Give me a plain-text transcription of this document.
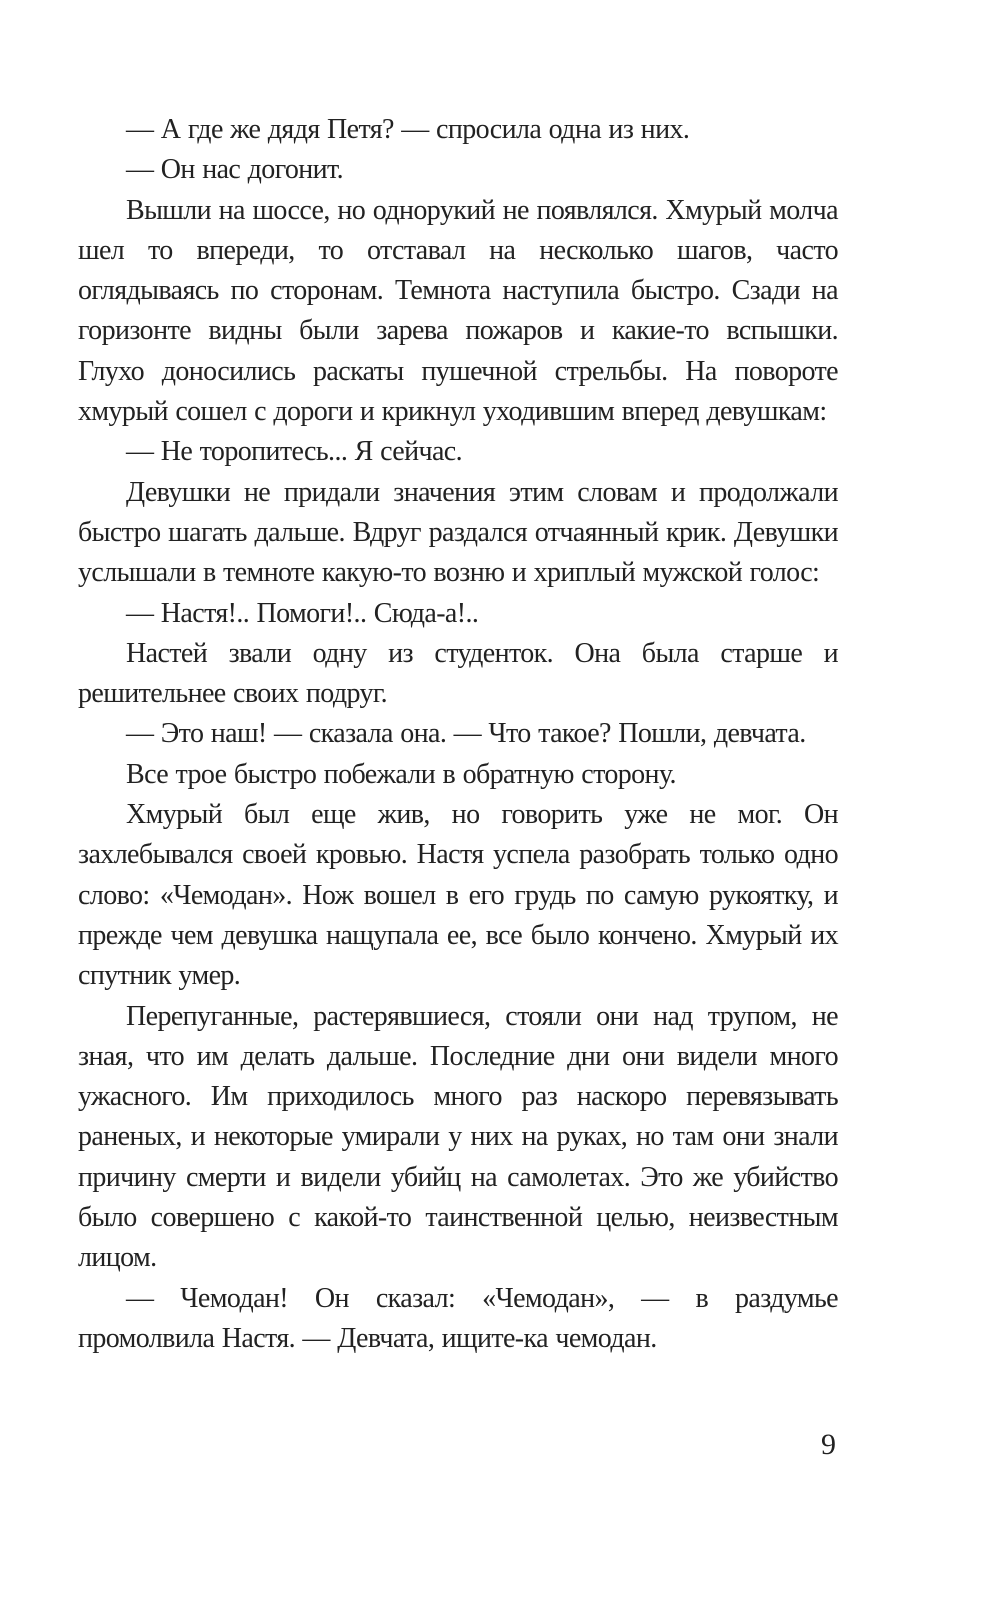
— А где же дядя Петя? — спросила одна из них.

— Он нас догонит.

Вышли на шоссе, но однорукий не появлялся. Хмурый молча шел то впереди, то отставал на несколько шагов, часто оглядываясь по сторонам. Темнота наступила быстро. Сзади на горизонте видны были зарева пожаров и какие-то вспышки. Глухо доносились раскаты пушечной стрельбы. На повороте хмурый сошел с дороги и крикнул уходившим вперед девушкам:

— Не торопитесь... Я сейчас.

Девушки не придали значения этим словам и продолжали быстро шагать дальше. Вдруг раздался отчаянный крик. Девушки услышали в темноте какую-то возню и хриплый мужской голос:

— Настя!.. Помоги!.. Сюда-а!..

Настей звали одну из студенток. Она была старше и решительнее своих подруг.

— Это наш! — сказала она. — Что такое? Пошли, девчата.

Все трое быстро побежали в обратную сторону.

Хмурый был еще жив, но говорить уже не мог. Он захлебывался своей кровью. Настя успела разобрать только одно слово: «Чемодан». Нож вошел в его грудь по самую рукоятку, и прежде чем девушка нащупала ее, все было кончено. Хмурый их спутник умер.

Перепуганные, растерявшиеся, стояли они над трупом, не зная, что им делать дальше. Последние дни они видели много ужасного. Им приходилось много раз наскоро перевязывать раненых, и некоторые умирали у них на руках, но там они знали причину смерти и видели убийц на самолетах. Это же убийство было совершено с какой-то таинственной целью, неизвестным лицом.

— Чемодан! Он сказал: «Чемодан», — в раздумье промолвила Настя. — Девчата, ищите-ка чемодан.

9
